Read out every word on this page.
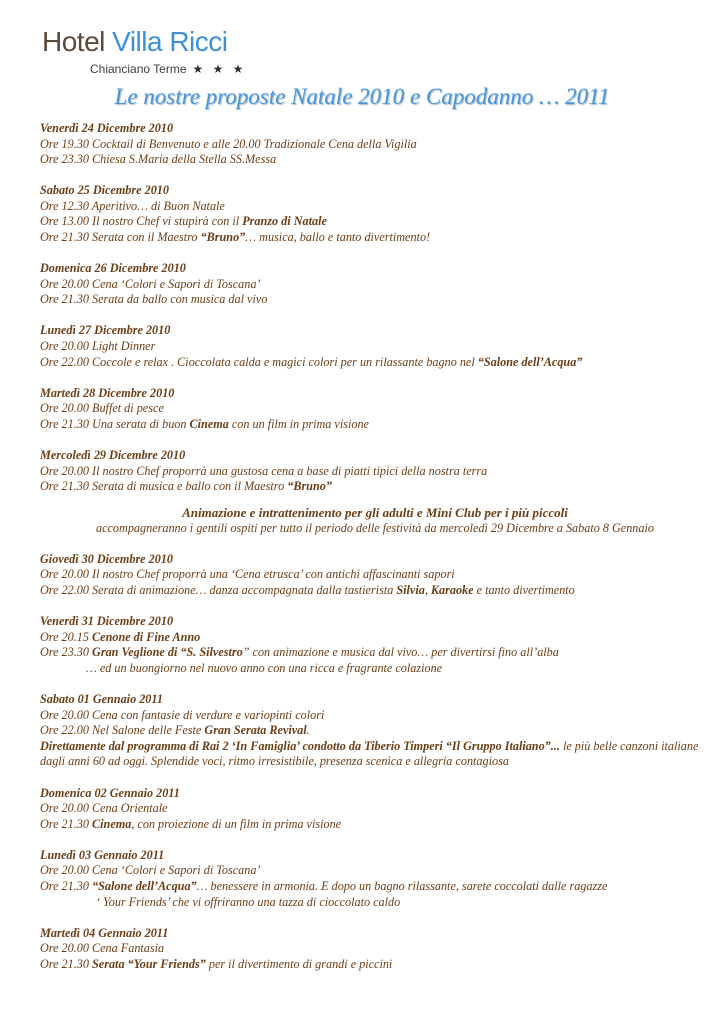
Hotel Villa Ricci
Chianciano Terme ★ ★ ★
Le nostre proposte Natale 2010 e Capodanno … 2011
Venerdì 24 Dicembre 2010
Ore 19.30 Cocktail di Benvenuto e alle 20.00 Tradizionale Cena della Vigilia
Ore 23.30 Chiesa S.Maria della Stella SS.Messa
Sabato 25 Dicembre 2010
Ore 12.30 Aperitivo… di Buon Natale
Ore 13.00 Il nostro Chef vi stupirà con il Pranzo di Natale
Ore 21.30 Serata con il Maestro “Bruno”… musica, ballo e tanto divertimento!
Domenica 26 Dicembre 2010
Ore 20.00 Cena ‘Colori e Sapori di Toscana’
Ore 21.30 Serata da ballo con musica dal vivo
Lunedì 27 Dicembre 2010
Ore 20.00 Light Dinner
Ore 22.00 Coccole e relax . Cioccolata calda e magici colori per un rilassante bagno nel “Salone dell’Acqua”
Martedì 28 Dicembre 2010
Ore 20.00 Buffet di pesce
Ore 21.30 Una serata di buon Cinema con un film in prima visione
Mercoledì 29 Dicembre 2010
Ore 20.00 Il nostro Chef proporrà una gustosa cena a base di piatti tipici della nostra terra
Ore 21.30 Serata di musica e ballo con il Maestro “Bruno”
Animazione e intrattenimento per gli adulti e Mini Club per i più piccoli
accompagneranno i gentili ospiti per tutto il periodo delle festività da mercoledì 29 Dicembre a Sabato 8 Gennaio
Giovedì 30 Dicembre 2010
Ore 20.00 Il nostro Chef proporrà una ‘Cena etrusca’ con antichi affascinanti sapori
Ore 22.00 Serata di animazione… danza accompagnata dalla tastierista Silvia, Karaoke e tanto divertimento
Venerdì 31 Dicembre 2010
Ore 20.15 Cenone di Fine Anno
Ore 23.30 Gran Veglione di “S. Silvestro” con animazione e musica dal vivo… per divertirsi fino all’alba
… ed un buongiorno nel nuovo anno con una ricca e fragrante colazione
Sabato 01 Gennaio 2011
Ore 20.00 Cena con fantasie di verdure e variopinti colori
Ore 22.00 Nel Salone delle Feste Gran Serata Revival.
Direttamente dal programma di Rai 2 ‘In Famiglia’ condotto da Tiberio Timperi “Il Gruppo Italiano”... le più belle canzoni italiane dagli anni 60 ad oggi. Splendide voci, ritmo irresistibile, presenza scenica e allegria contagiosa
Domenica 02 Gennaio 2011
Ore 20.00 Cena Orientale
Ore 21.30 Cinema, con proiezione di un film in prima visione
Lunedì 03 Gennaio 2011
Ore 20.00 Cena ‘Colori e Sapori di Toscana’
Ore 21.30 “Salone dell’Acqua”… benessere in armonia. E dopo un bagno rilassante, sarete coccolati dalle ragazze
‘ Your Friends’ che vi offriranno una tazza di cioccolato caldo
Martedì 04 Gennaio 2011
Ore 20.00 Cena Fantasia
Ore 21.30 Serata “Your Friends” per il divertimento di grandi e piccini
